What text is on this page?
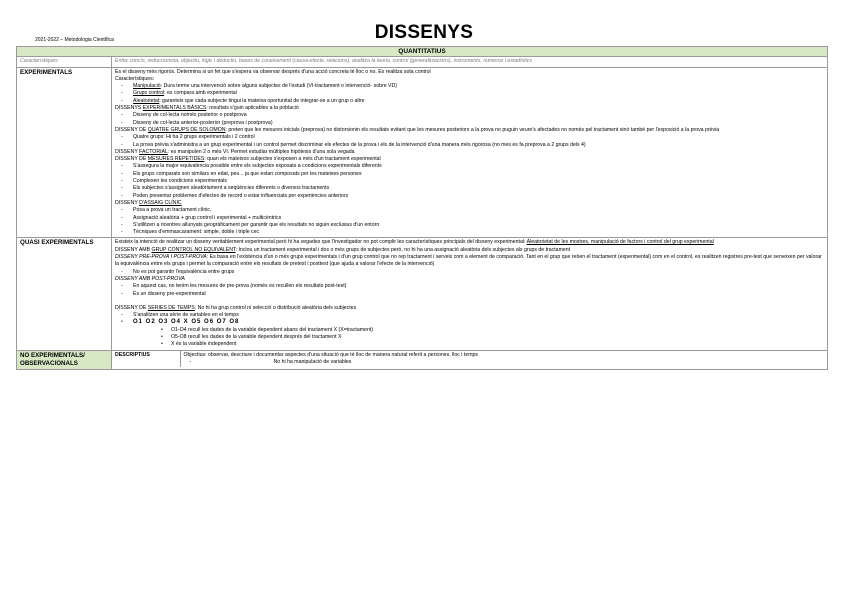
2021-2022 – Metodologia Científica	DISSENYS
QUANTITATIUS
Característiques	Enfoc concís, reduccionista, objectiu, lògic i deductiu, bases de coneixement (causa-efecte, relacions), analitza la teoria, control (generalitzacions), instruments, números i estadístics
EXPERIMENTALS	És el disseny més rigorós. Determina si un fet que s'espera va observar després d'una acció concreta té lloc o no. Es realitza sota control
Característiques:
- Manipulació: Dura terme una intervenció sobre alguns subjectes de l'estudi (VI-tractament o intervenció- sobre VD)
- Grups control: es compara amb experimental
- Aleatorietat: garanteix que cada subjecte tingui la mateixa oportunitat de integrar-se a un grup o altre
DISSENYS EXPERIMENTALS BÀSICS: resultats s'guin aplicables a la població
- Disseny de col·lecta només posterior o postprova
- Disseny de col·lecta anterior-posterior (preprova i postprova)
DISSENY DE QUATRE GRUPS DE SOLOMON: preten que les mesures inicials (preprova) no distorsionin els resultats evitant que les mesures posteriors a la prova no puguin veure's afectades no només pel tractament sinó també per l'exposició a la prova prèvia
- Quatre grups: Hi ha 2 grups experimentals i 2 control
- La prova prèvia s'administra a un grup experimental i un control permet discriminar els efectes de la prova i els de la intervenció d'una manera més rigorosa (no mes es fa preprova a 2 grups dels 4)
DISSENY FACTORIAL: es manipulen 2 o més VI. Permet estudiar múltiples hipòtesis d'una sola vegada
DISSENY DE MESURES REPETIDES: quan els mateixos subjectes s'exposen a més d'un tractament experimental
- S'assegura la major equivalència possible entre els subjectes exposats a condicions experimentals diferents
- Els grups comparats son similars en edat, pes... ja que estan composats per les mateixes persones
- Complexen les condicions experimentals
- Els subjectes s'assignen aleatòriament a seqüències diferents o diversos tractaments
- Poden presentar problemes d'efectes de record o estar influenciats per experiències anteriors
DISSENY D'ASSAIG CLÍNIC
- Posa a prova un tractament clínic.
- Assignació aleatòria + grup control i experimental + multicèntrics
- S'utilitzen a ricentres allunyats geogràficament per garantir que els resultats no siguin exclusius d'un entorn
- Tècniques d'emmascarament: simple, doble i triple cec

QUASI EXPERIMENTALS	Existeix la intenció de realitzar un disseny veritablement experimental però hi ha vegades que l'investigador no pot complir les característiques principals del disseny experimental: Aleatorietat de les mostres, manipulació de factors i control del grup experimental
DISSENY AMB GRUP CONTROL NO EQUIVALENT: Inclou un tractament experimental i dos o més grups de subjectes però, no hi ha una assignació aleatòria dels subjectes als grups de tractament
DISSENY PRE-PROVA I POST-PROVA: Es basa en l'existència d'un o més grups experimentals i d'un grup control que no rep tractament i serveix com a element de comparació. Tant en el grup que reben el tractament (experimental) com en el control, es realitzen registres pre-test que serveixen per valorar la equivalència entre els grups i permet la comparació entre els resultats de pretest i posttest (que ajuda a valorar l'efecte de la intervenció)
- No es pot garantir l'equivalència entre grups
DISSENY AMB POST-PROVA
- En aquest cas, no tenim les mesures de pre-prova (només es recullen els resultats post-test)
- És un disseny pre-experimental
DISSENY DE SERIES DE TEMPS: No hi ha grup control ni selecció o distribució aleatòria dels subjectes
- S'analitzen una sèrie de variables en el temps
- O1 O2 O3 O4 X O5 O6 O7 O8
• O1-O4 recull les dades de la variable dependent abans del tractament X (X=tractament)
• O5-O8 recull les dades de la variable dependent després del tractament X
• X és la variable independent

NO EXPERIMENTALS/ OBSERVACIONALS	
DESCRIPTIUS	Objectius: observar, descriure i documentar aspectes d'una situació que té lloc de manera natural referit a persones, lloc i temps
- No hi ha manipulació de variables
